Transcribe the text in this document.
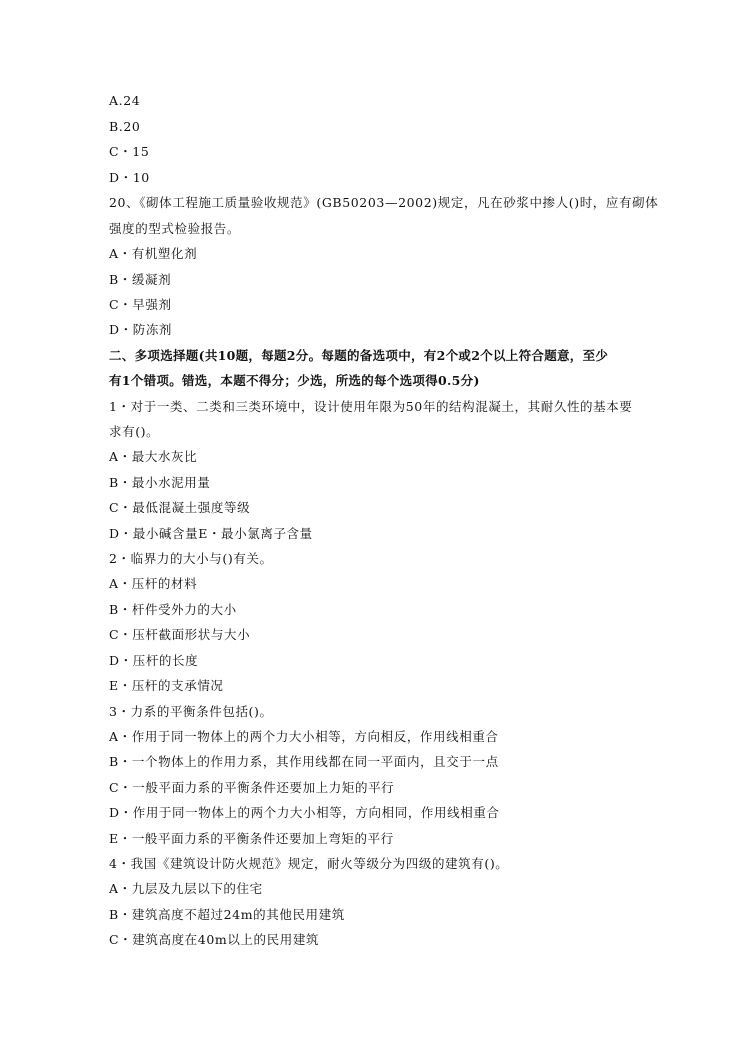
A.24
B.20
C・15
D・10
20、《砌体工程施工质量验收规范》(GB50203—2002)规定，凡在砂浆中掺人()时，应有砌体
强度的型式检验报告。
A・有机塑化剂
B・缓凝剂
C・早强剂
D・防冻剂
二、多项选择题(共10题，每题2分。每题的备选项中，有2个或2个以上符合题意，至少
有1个错项。错选，本题不得分；少选，所选的每个选项得0.5分)
1・对于一类、二类和三类环境中，设计使用年限为50年的结构混凝土，其耐久性的基本要
求有()。
A・最大水灰比
B・最小水泥用量
C・最低混凝土强度等级
D・最小碱含量E・最小氯离子含量
2・临界力的大小与()有关。
A・压杆的材料
B・杆件受外力的大小
C・压杆截面形状与大小
D・压杆的长度
E・压杆的支承情况
3・力系的平衡条件包括()。
A・作用于同一物体上的两个力大小相等，方向相反，作用线相重合
B・一个物体上的作用力系，其作用线都在同一平面内，且交于一点
C・一般平面力系的平衡条件还要加上力矩的平行
D・作用于同一物体上的两个力大小相等，方向相同，作用线相重合
E・一般平面力系的平衡条件还要加上弯矩的平行
4・我国《建筑设计防火规范》规定，耐火等级分为四级的建筑有()。
A・九层及九层以下的住宅
B・建筑高度不超过24m的其他民用建筑
C・建筑高度在40m以上的民用建筑
